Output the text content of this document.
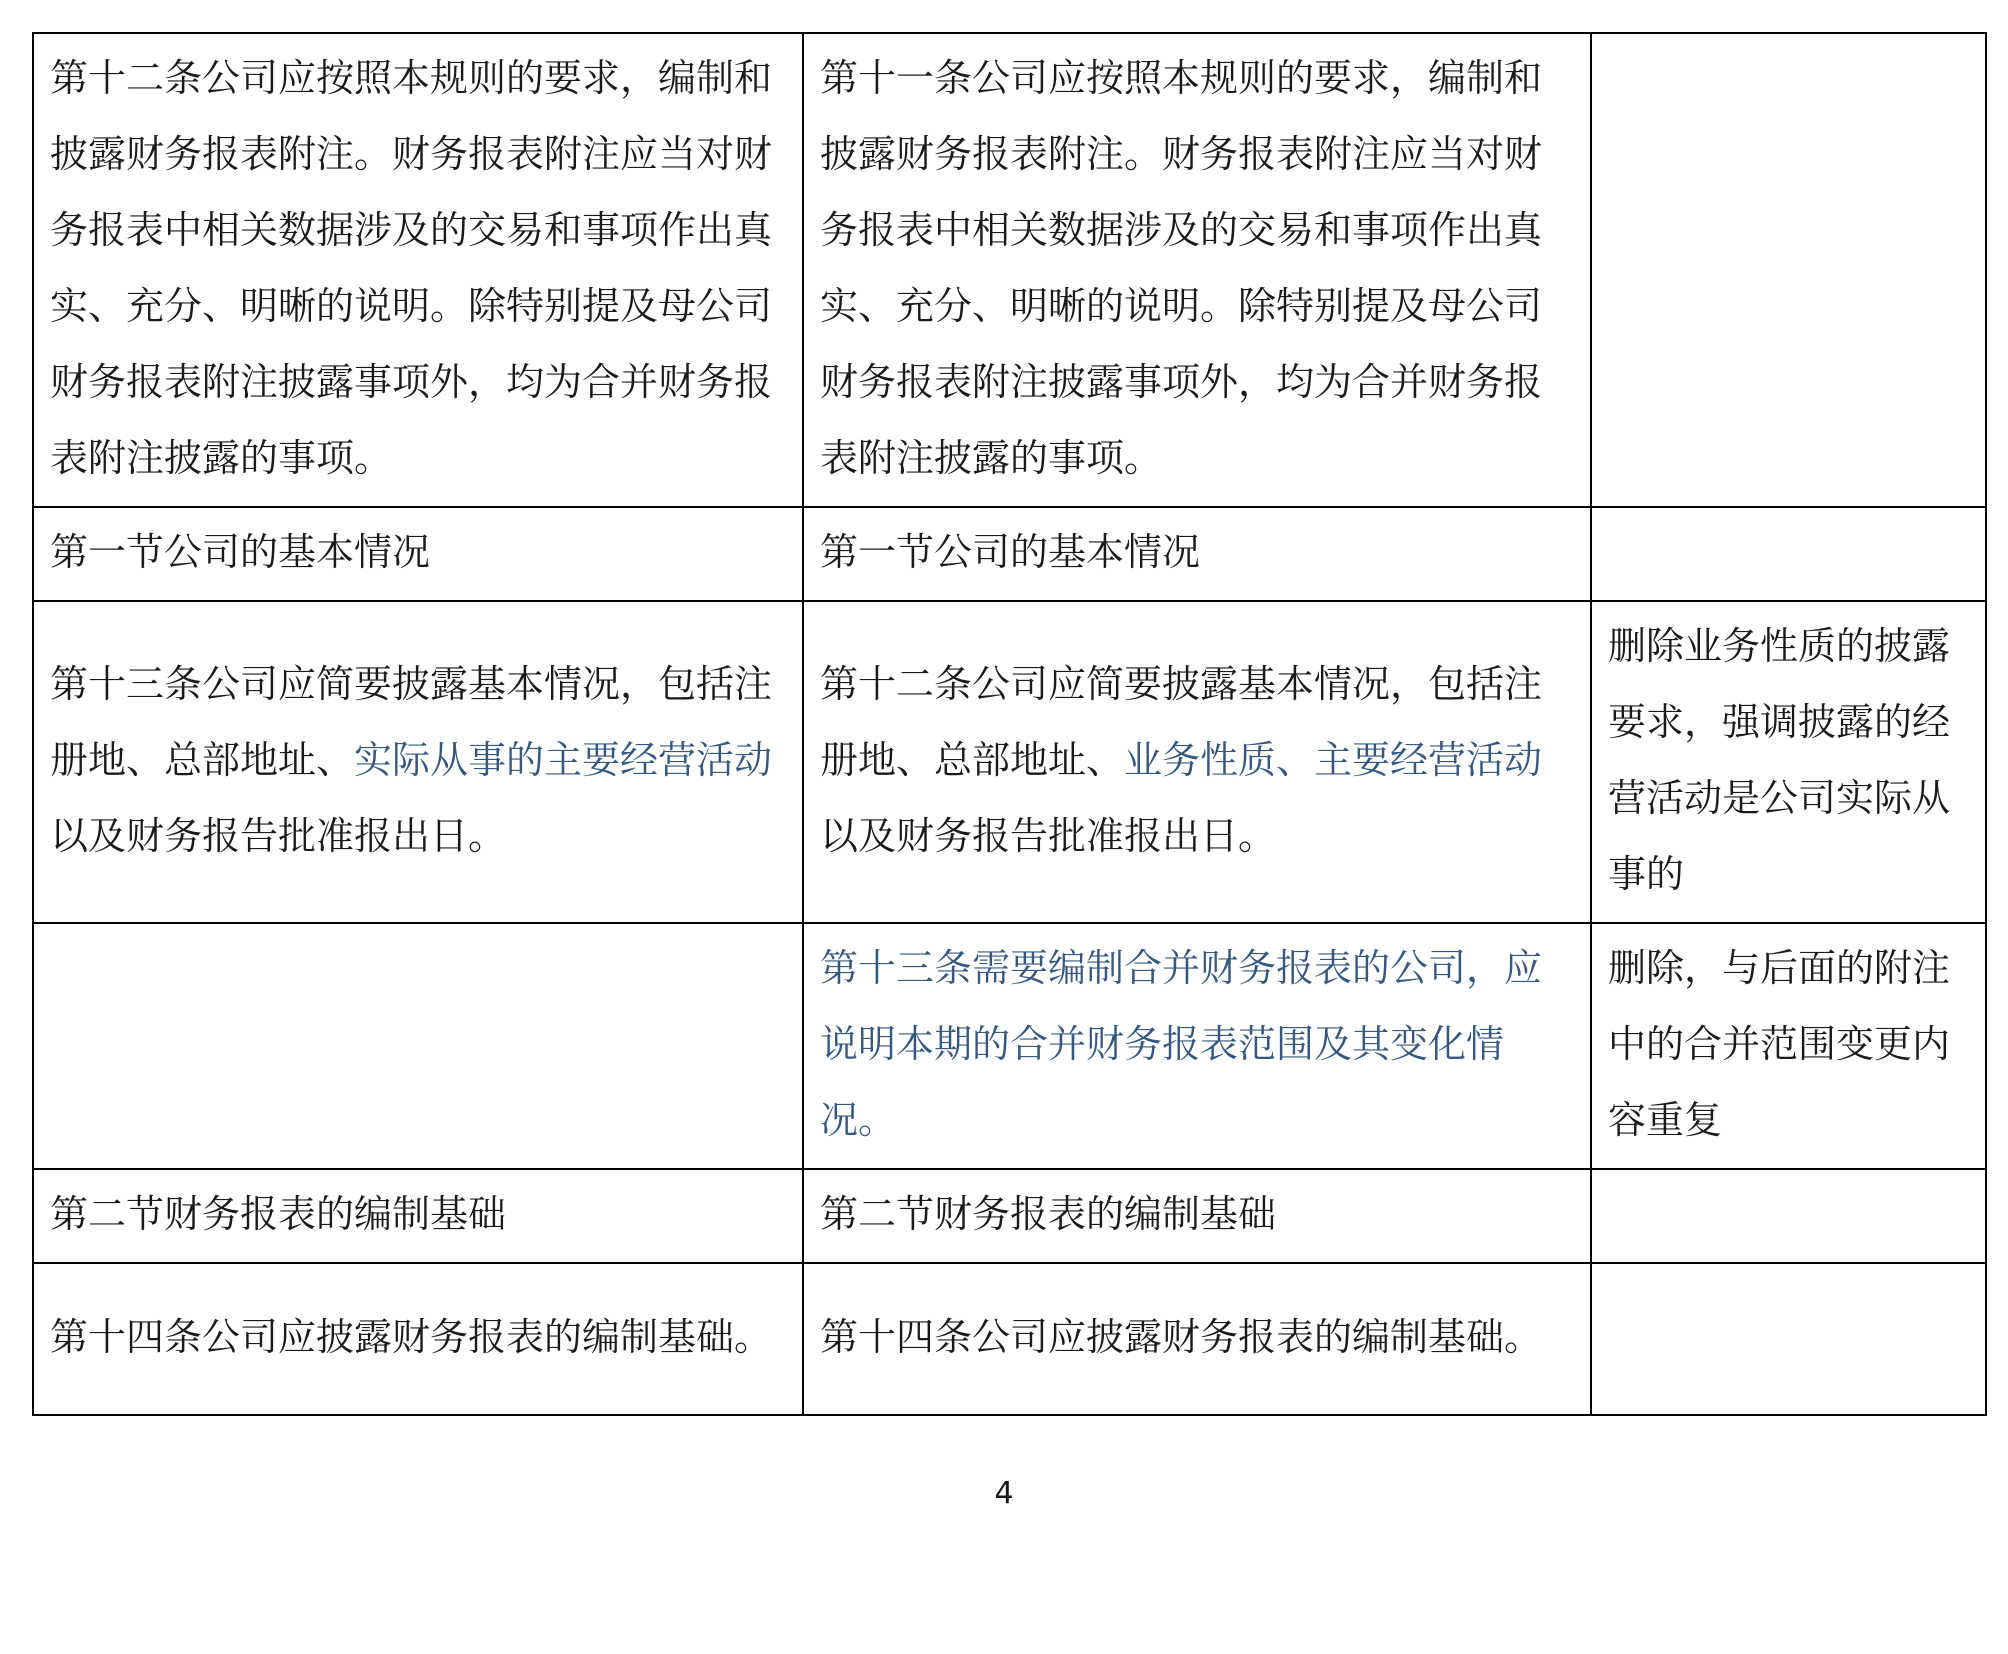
第十二条公司应按照本规则的要求，编制和披露财务报表附注。财务报表附注应当对财务报表中相关数据涉及的交易和事项作出真实、充分、明晰的说明。除特别提及母公司财务报表附注披露事项外，均为合并财务报表附注披露的事项。	第十一条公司应按照本规则的要求，编制和披露财务报表附注。财务报表附注应当对财务报表中相关数据涉及的交易和事项作出真实、充分、明晰的说明。除特别提及母公司财务报表附注披露事项外，均为合并财务报表附注披露的事项。	
第一节公司的基本情况	第一节公司的基本情况	
第十三条公司应简要披露基本情况，包括注册地、总部地址、实际从事的主要经营活动以及财务报告批准报出日。	第十二条公司应简要披露基本情况，包括注册地、总部地址、业务性质、主要经营活动以及财务报告批准报出日。	删除业务性质的披露要求，强调披露的经营活动是公司实际从事的
	第十三条需要编制合并财务报表的公司，应说明本期的合并财务报表范围及其变化情况。	删除，与后面的附注中的合并范围变更内容重复
第二节财务报表的编制基础	第二节财务报表的编制基础	
第十四条公司应披露财务报表的编制基础。	第十四条公司应披露财务报表的编制基础。	
4
